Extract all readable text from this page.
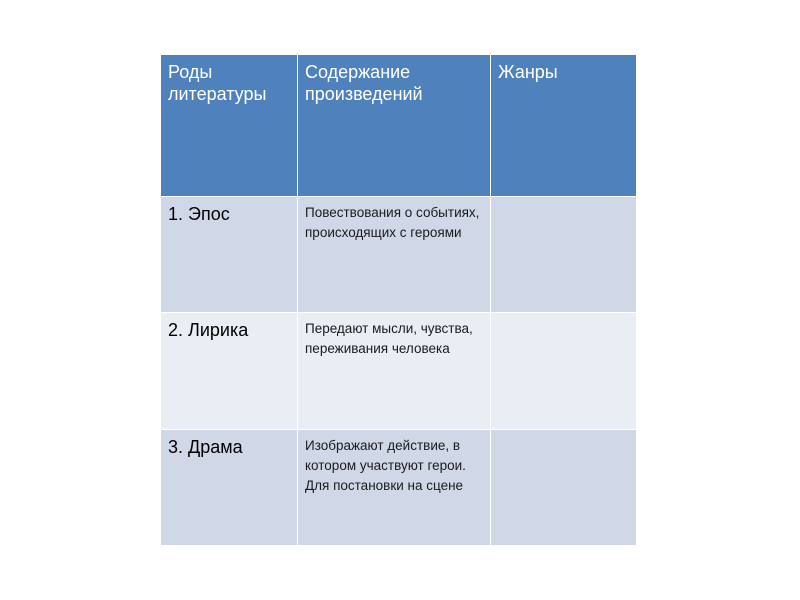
Роды литературы	Содержание произведений	Жанры

1. Эпос	Повествования о событиях, происходящих с героями	

2. Лирика	Передают мысли, чувства, переживания человека	

3. Драма	Изображают действие, в котором участвуют герои. Для постановки на сцене	
